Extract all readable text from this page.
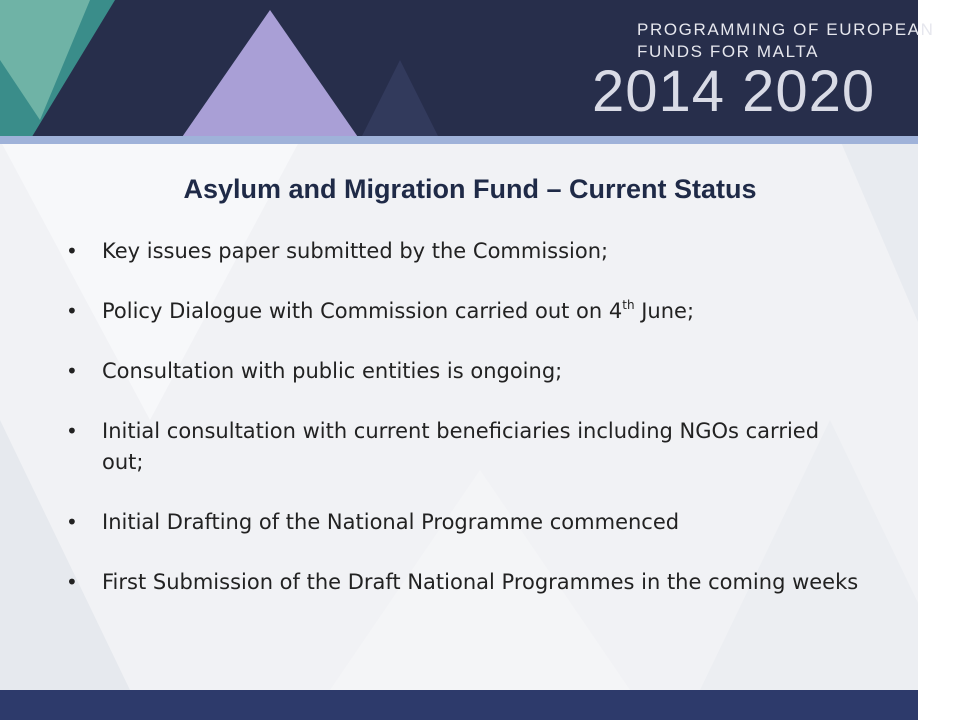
PROGRAMMING OF EUROPEAN
FUNDS FOR MALTA
2014 2020
Asylum and Migration Fund – Current Status
• Key issues paper submitted by the Commission;
• Policy Dialogue with Commission carried out on 4th June;
• Consultation with public entities is ongoing;
• Initial consultation with current beneficiaries including NGOs carried out;
• Initial Drafting of the National Programme commenced
• First Submission of the Draft National Programmes in the coming weeks
